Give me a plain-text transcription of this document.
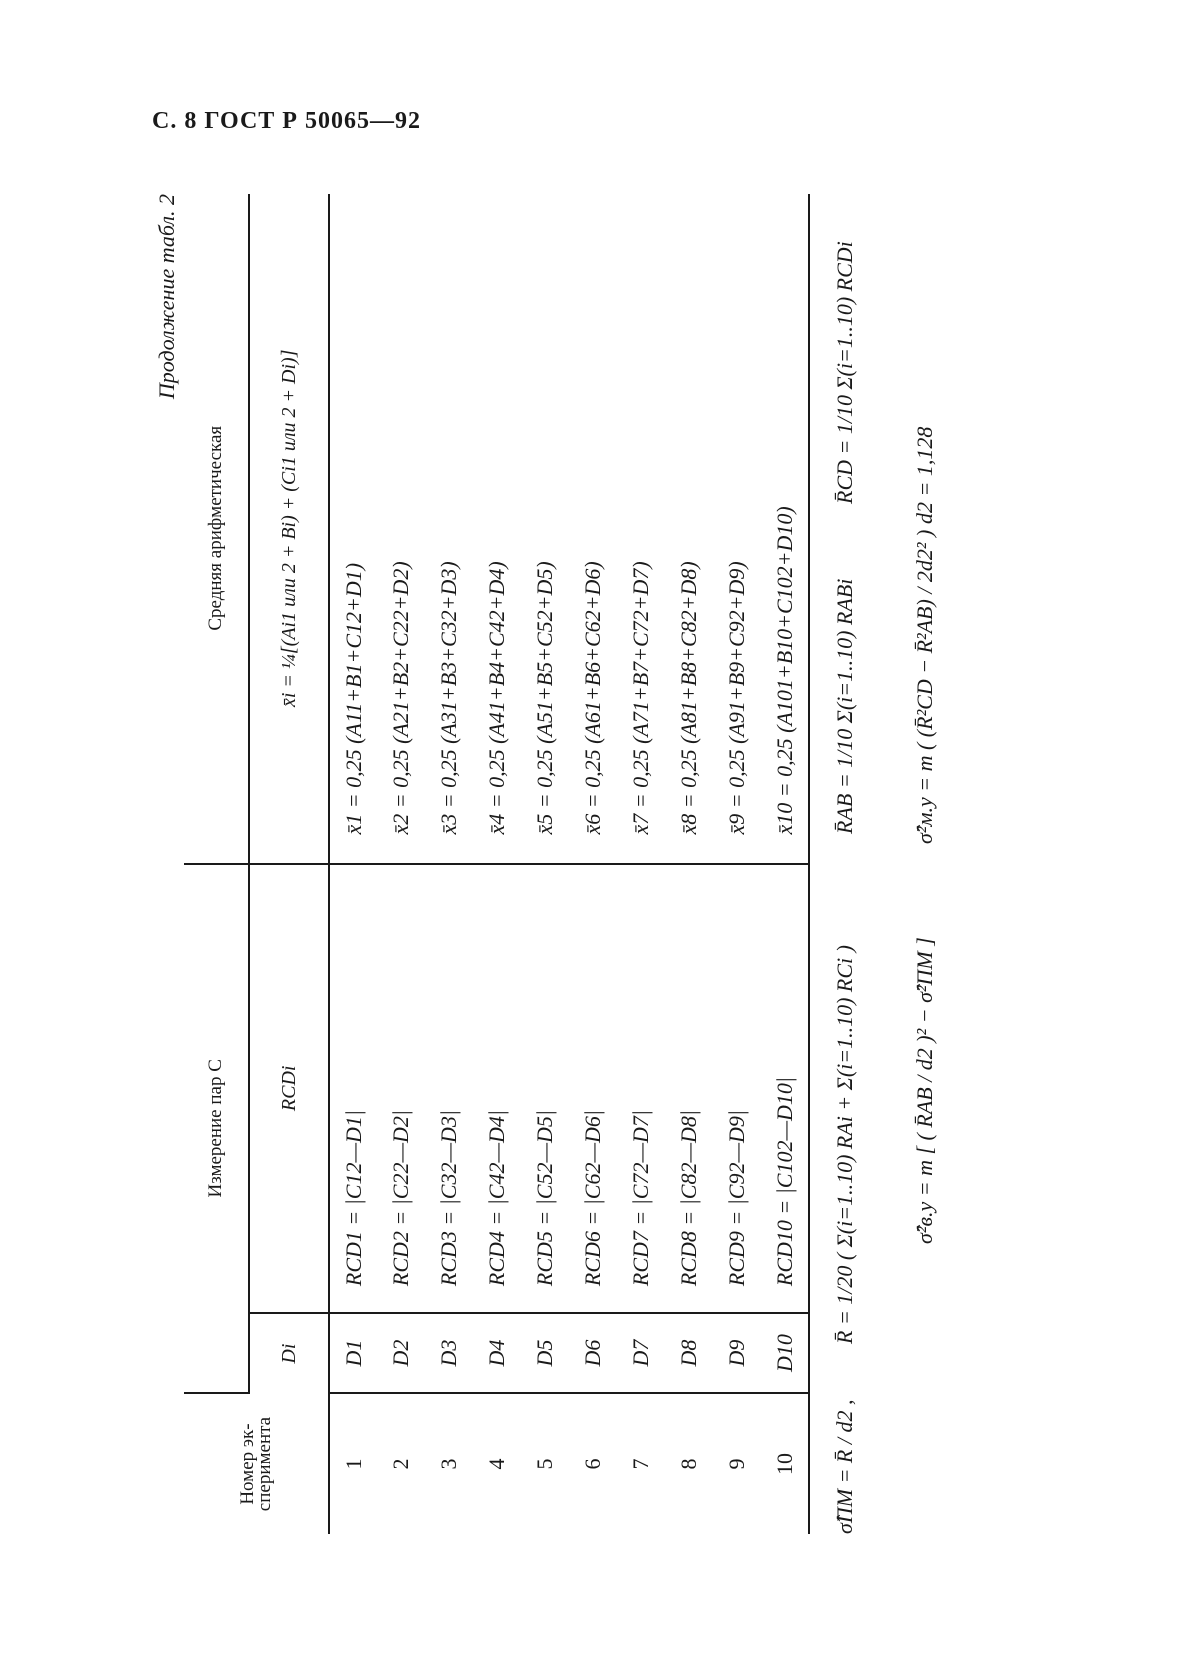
С. 8 ГОСТ Р 50065—92
Продолжение табл. 2
Номер эк-
сперимента	Измерение пар C		Средняя арифметическая
	Di	RCDi	x̄i = ¼[(Ai1 или 2 + Bi) + (Ci1 или 2 + Di)]
1	D1	RCD1 = |C12—D1|	x̄1 = 0,25 (A11+B1+C12+D1)
2	D2	RCD2 = |C22—D2|	x̄2 = 0,25 (A21+B2+C22+D2)
3	D3	RCD3 = |C32—D3|	x̄3 = 0,25 (A31+B3+C32+D3)
4	D4	RCD4 = |C42—D4|	x̄4 = 0,25 (A41+B4+C42+D4)
5	D5	RCD5 = |C52—D5|	x̄5 = 0,25 (A51+B5+C52+D5)
6	D6	RCD6 = |C62—D6|	x̄6 = 0,25 (A61+B6+C62+D6)
7	D7	RCD7 = |C72—D7|	x̄7 = 0,25 (A71+B7+C72+D7)
8	D8	RCD8 = |C82—D8|	x̄8 = 0,25 (A81+B8+C82+D8)
9	D9	RCD9 = |C92—D9|	x̄9 = 0,25 (A91+B9+C92+D9)
10	D10	RCD10 = |C102—D10|	x̄10 = 0,25 (A101+B10+C102+D10)
σ̂ПМ = R̄ / d2 ,
R̄ = 1/20 ( Σ(i=1..10) RAi + Σ(i=1..10) RCi )
R̄AB = 1/10 Σ(i=1..10) RABi
R̄CD = 1/10 Σ(i=1..10) RCDi
σ̂²в.у = m [ ( R̄AB / d2 )² − σ̂²ПМ ]
σ̂²м.у = m ( (R̄²CD − R̄²AB) / 2d2² )
d2 = 1,128
